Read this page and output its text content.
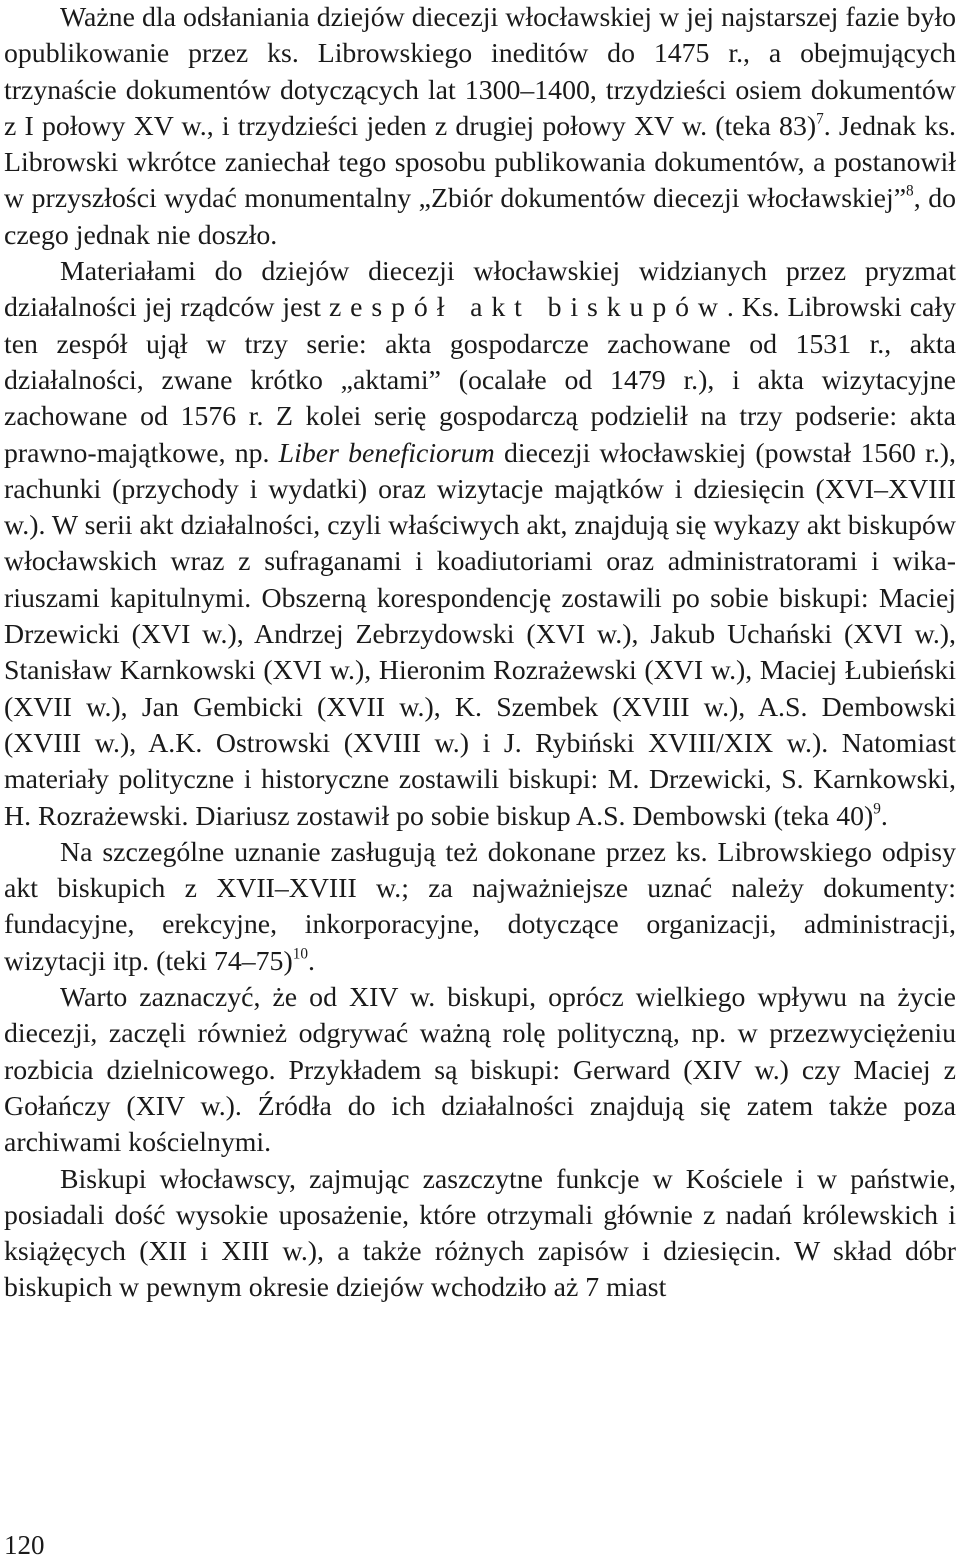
Ważne dla odsłaniania dziejów diecezji włocławskiej w jej najstarszej fazie było opublikowanie przez ks. Librowskiego ineditów do 1475 r., a obejmujących trzynaście dokumentów dotyczących lat 1300–1400, trzydzieści osiem dokumentów z I połowy XV w., i trzydzieści jeden z drugiej połowy XV w. (teka 83)$^7$. Jednak ks. Librowski wkrótce zaniechał tego sposobu publikowania dokumentów, a postanowił w przyszłości wydać monumentalny „Zbiór dokumentów diecezji włocławskiej”$^8$, do czego jednak nie doszło.

Materiałami do dziejów diecezji włocławskiej widzianych przez pryzmat działalności jej rządców jest zespół akt biskupów. Ks. Librowski cały ten zespół ujął w trzy serie: akta gospodarcze zachowane od 1531 r., akta działalności, zwane krótko „aktami” (ocalałe od 1479 r.), i akta wizytacyjne zachowane od 1576 r. Z kolei serię gospodarczą podzielił na trzy podserie: akta prawno-majątkowe, np. Liber beneficiorum diecezji włocławskiej (powstał 1560 r.), rachunki (przychody i wydatki) oraz wizytacje majątków i dziesięcin (XVI–XVIII w.). W serii akt działalności, czyli właściwych akt, znajdują się wykazy akt biskupów włocławskich wraz z sufraganami i koadiutoriami oraz administratorami i wikariuszami kapitulnymi. Obszerną korespondencję zostawili po sobie biskupi: Maciej Drzewicki (XVI w.), Andrzej Zebrzydowski (XVI w.), Jakub Uchański (XVI w.), Stanisław Karnkowski (XVI w.), Hieronim Rozrażewski (XVI w.), Maciej Łubieński (XVII w.), Jan Gembicki (XVII w.), K. Szembek (XVIII w.), A.S. Dembowski (XVIII w.), A.K. Ostrowski (XVIII w.) i J. Rybiński XVIII/XIX w.). Natomiast materiały polityczne i historyczne zostawili biskupi: M. Drzewicki, S. Karnkowski, H. Rozrażewski. Diariusz zostawił po sobie biskup A.S. Dembowski (teka 40)$^9$.

Na szczególne uznanie zasługują też dokonane przez ks. Librowskiego odpisy akt biskupich z XVII–XVIII w.; za najważniejsze uznać należy dokumenty: fundacyjne, erekcyjne, inkorporacyjne, dotyczące organizacji, administracji, wizytacji itp. (teki 74–75)$^{10}$.

Warto zaznaczyć, że od XIV w. biskupi, oprócz wielkiego wpływu na życie diecezji, zaczęli również odgrywać ważną rolę polityczną, np. w przezwyciężeniu rozbicia dzielnicowego. Przykładem są biskupi: Gerward (XIV w.) czy Maciej z Gołańczy (XIV w.). Źródła do ich działalności znajdują się zatem także poza archiwami kościelnymi.

Biskupi włocławscy, zajmując zaszczytne funkcje w Kościele i w państwie, posiadali dość wysokie uposażenie, które otrzymali głównie z nadań królewskich i książęcych (XII i XIII w.), a także różnych zapisów i dziesięcin. W skład dóbr biskupich w pewnym okresie dziejów wchodziło aż 7 miast

120
